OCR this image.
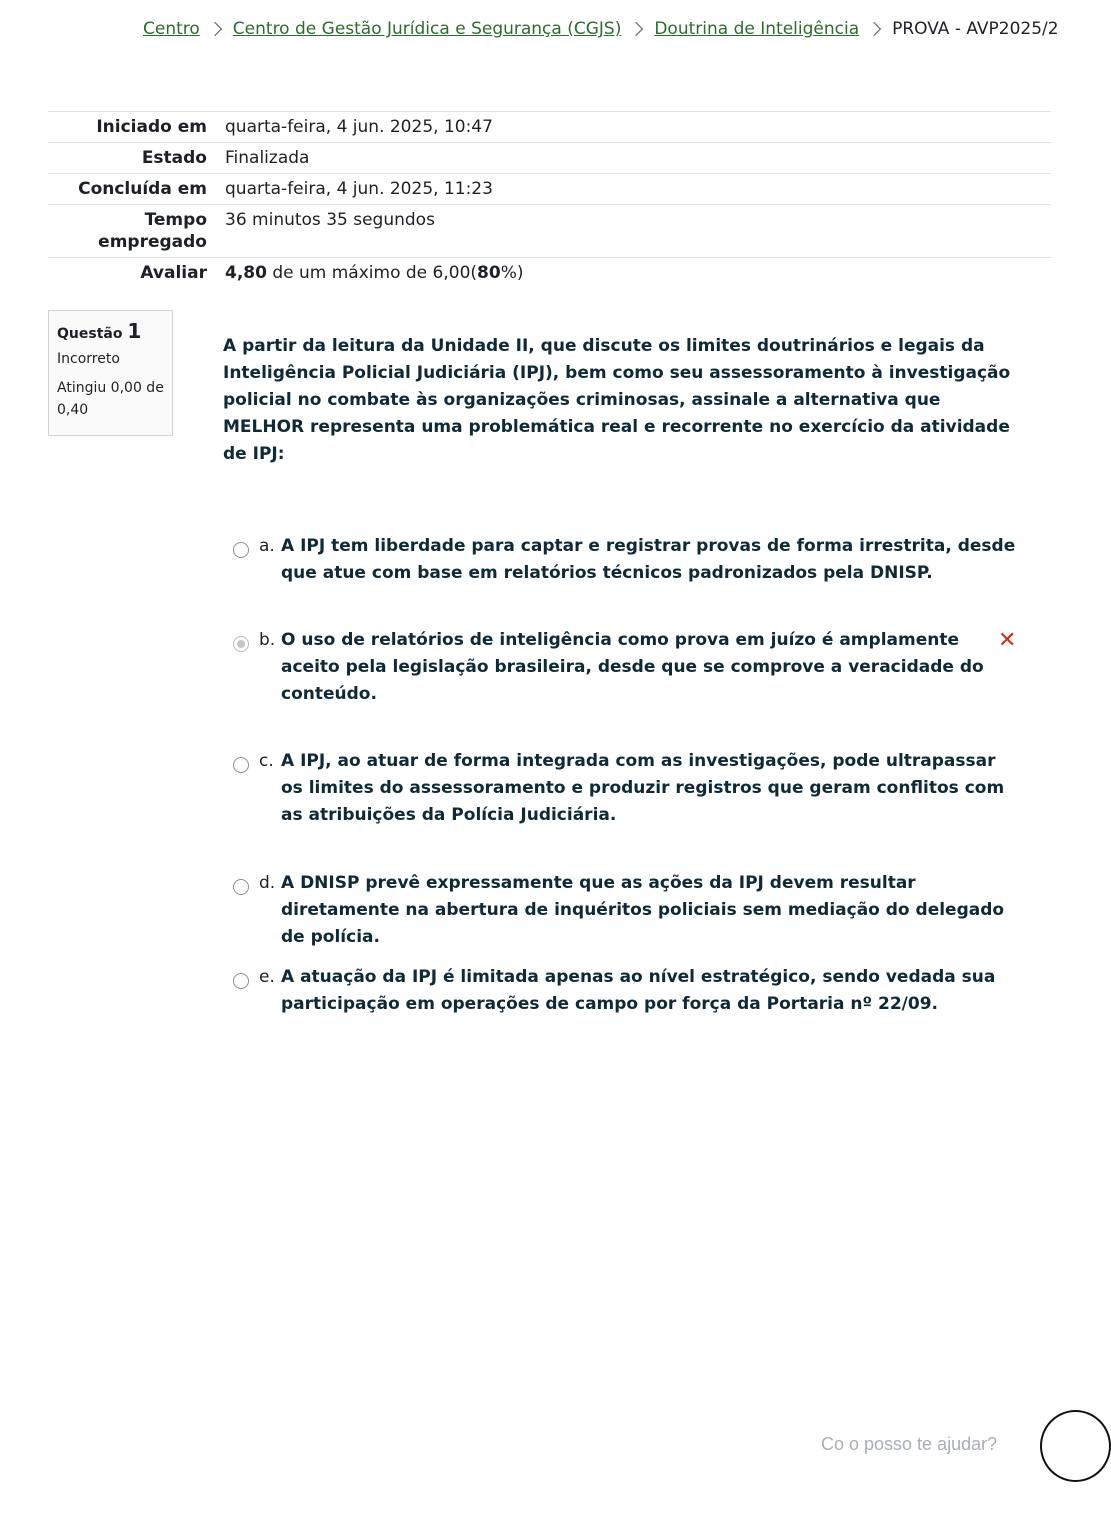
Centro Centro de Gestão Jurídica e Segurança (CGJS) Doutrina de Inteligência PROVA - AVP2025/2
Iniciado em	quarta-feira, 4 jun. 2025, 10:47
Estado	Finalizada
Concluída em	quarta-feira, 4 jun. 2025, 11:23
Tempo empregado	36 minutos 35 segundos
Avaliar	4,80 de um máximo de 6,00(80%)
Questão 1
Incorreto
Atingiu 0,00 de 0,40
A partir da leitura da Unidade II, que discute os limites doutrinários e legais da Inteligência Policial Judiciária (IPJ), bem como seu assessoramento à investigação policial no combate às organizações criminosas, assinale a alternativa que MELHOR representa uma problemática real e recorrente no exercício da atividade de IPJ:
a. A IPJ tem liberdade para captar e registrar provas de forma irrestrita, desde que atue com base em relatórios técnicos padronizados pela DNISP.
b. O uso de relatórios de inteligência como prova em juízo é amplamente aceito pela legislação brasileira, desde que se comprove a veracidade do conteúdo.
✕
c. A IPJ, ao atuar de forma integrada com as investigações, pode ultrapassar os limites do assessoramento e produzir registros que geram conflitos com as atribuições da Polícia Judiciária.
d. A DNISP prevê expressamente que as ações da IPJ devem resultar diretamente na abertura de inquéritos policiais sem mediação do delegado de polícia.
e. A atuação da IPJ é limitada apenas ao nível estratégico, sendo vedada sua participação em operações de campo por força da Portaria nº 22/09.
Co o posso te ajudar?
